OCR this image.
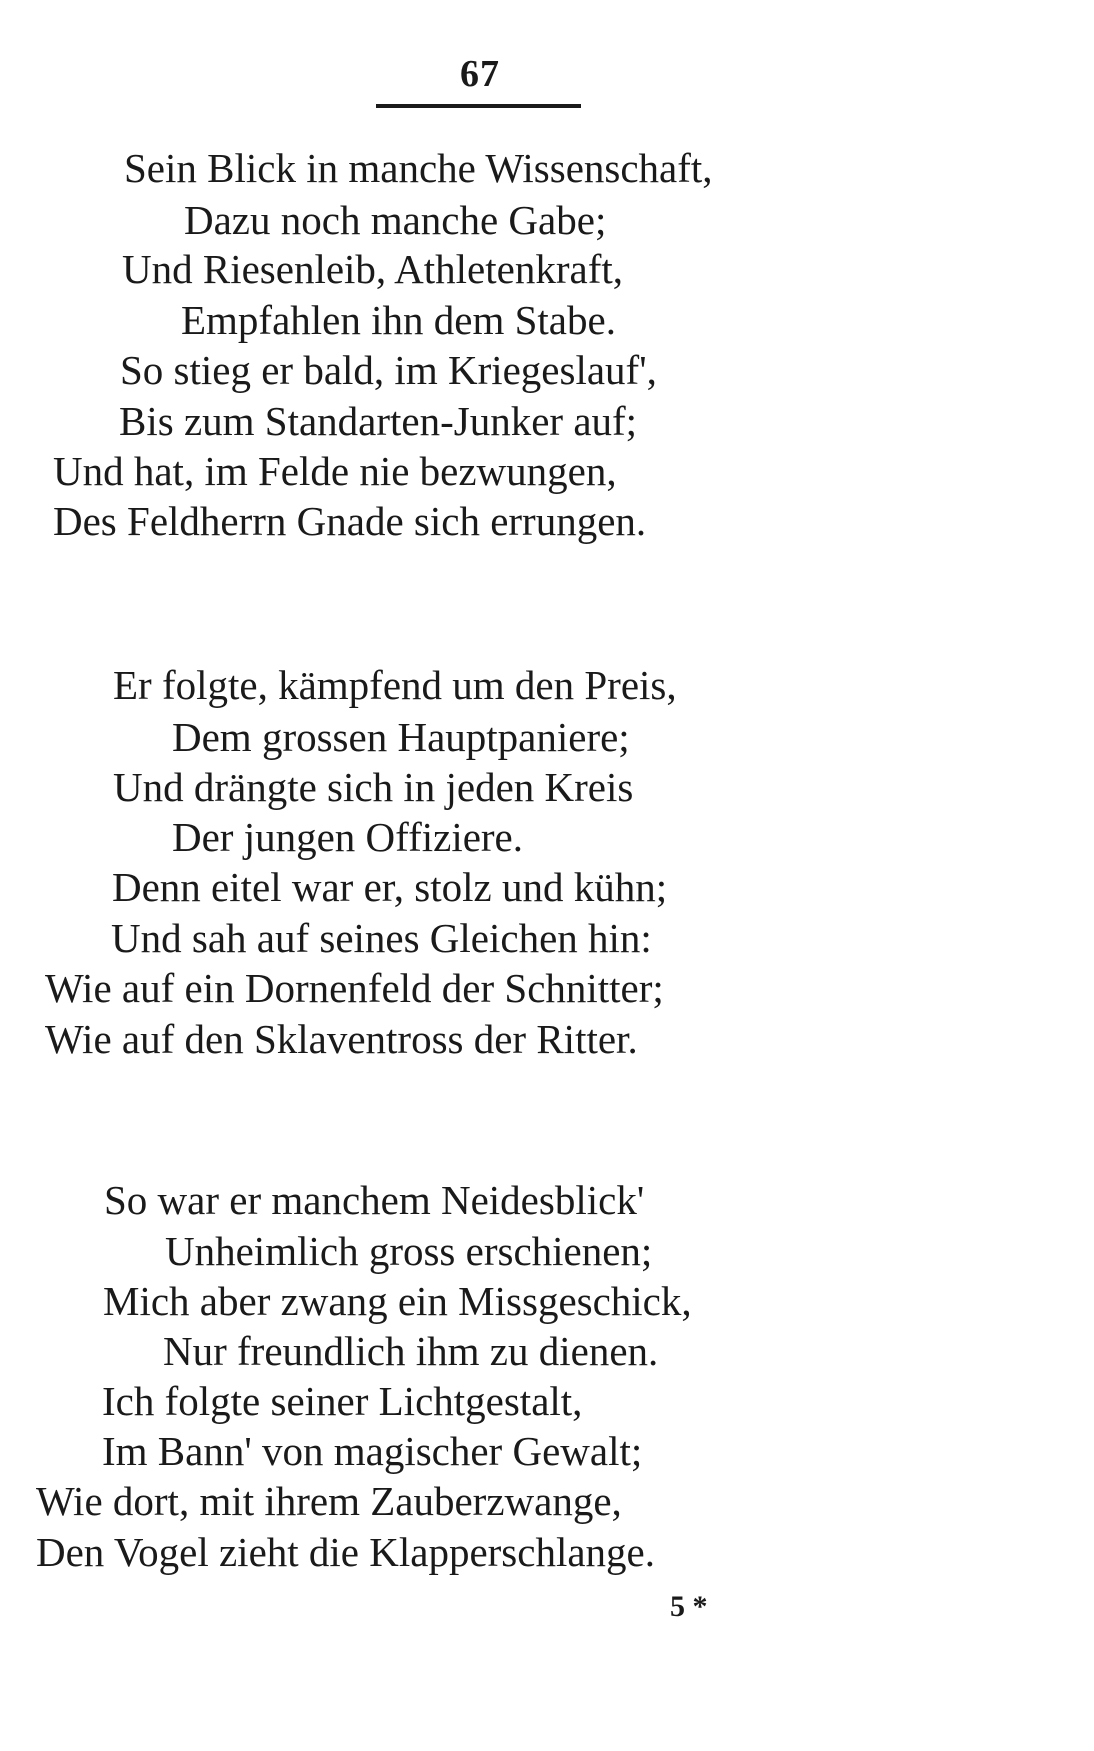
67
Sein Blick in manche Wissenschaft,
Dazu noch manche Gabe;
Und Riesenleib, Athletenkraft,
Empfahlen ihn dem Stabe.
So stieg er bald, im Kriegeslauf',
Bis zum Standarten-Junker auf;
Und hat, im Felde nie bezwungen,
Des Feldherrn Gnade sich errungen.
Er folgte, kämpfend um den Preis,
Dem grossen Hauptpaniere;
Und drängte sich in jeden Kreis
Der jungen Offiziere.
Denn eitel war er, stolz und kühn;
Und sah auf seines Gleichen hin:
Wie auf ein Dornenfeld der Schnitter;
Wie auf den Sklaventross der Ritter.
So war er manchem Neidesblick'
Unheimlich gross erschienen;
Mich aber zwang ein Missgeschick,
Nur freundlich ihm zu dienen.
Ich folgte seiner Lichtgestalt,
Im Bann' von magischer Gewalt;
Wie dort, mit ihrem Zauberzwange,
Den Vogel zieht die Klapperschlange.
5 *
